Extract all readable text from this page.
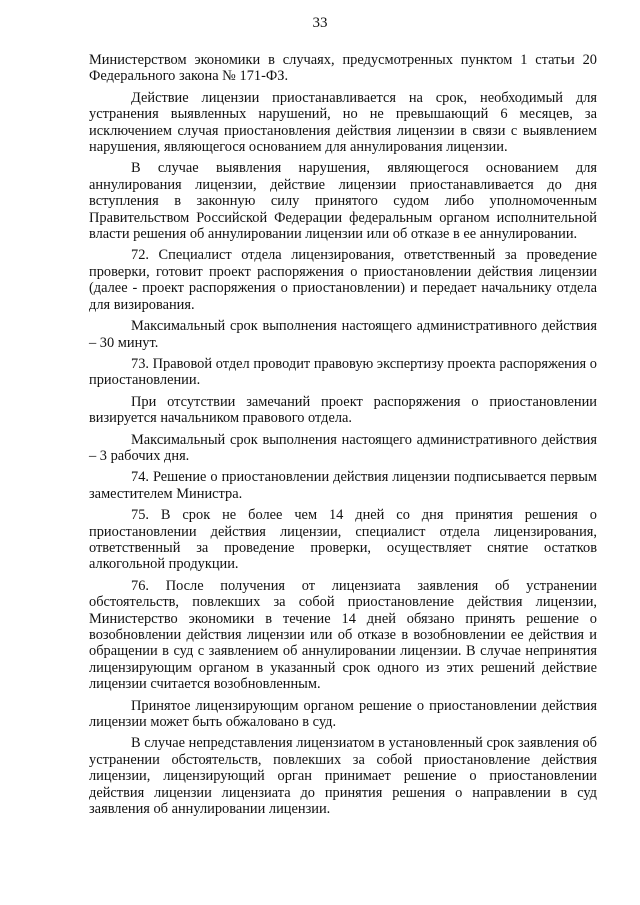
33

Министерством экономики в случаях, предусмотренных пунктом 1 статьи 20 Федерального закона № 171-ФЗ.

Действие лицензии приостанавливается на срок, необходимый для устранения выявленных нарушений, но не превышающий 6 месяцев, за исключением случая приостановления действия лицензии в связи с выявлением нарушения, являющегося основанием для аннулирования лицензии.

В случае выявления нарушения, являющегося основанием для аннулирования лицензии, действие лицензии приостанавливается до дня вступления в законную силу принятого судом либо уполномоченным Правительством Российской Федерации федеральным органом исполнительной власти решения об аннулировании лицензии или об отказе в ее аннулировании.

72. Специалист отдела лицензирования, ответственный за проведение проверки, готовит проект распоряжения о приостановлении действия лицензии (далее - проект распоряжения о приостановлении) и передает начальнику отдела для визирования.

Максимальный срок выполнения настоящего административного действия – 30 минут.

73. Правовой отдел проводит правовую экспертизу проекта распоряжения о приостановлении.

При отсутствии замечаний проект распоряжения о приостановлении визируется начальником правового отдела.

Максимальный срок выполнения настоящего административного действия – 3 рабочих дня.

74. Решение о приостановлении действия лицензии подписывается первым заместителем Министра.

75. В срок не более чем 14 дней со дня принятия решения о приостановлении действия лицензии, специалист отдела лицензирования, ответственный за проведение проверки, осуществляет снятие остатков алкогольной продукции.

76. После получения от лицензиата заявления об устранении обстоятельств, повлекших за собой приостановление действия лицензии, Министерство экономики в течение 14 дней обязано принять решение о возобновлении действия лицензии или об отказе в возобновлении ее действия и обращении в суд с заявлением об аннулировании лицензии. В случае непринятия лицензирующим органом в указанный срок одного из этих решений действие лицензии считается возобновленным.

Принятое лицензирующим органом решение о приостановлении действия лицензии может быть обжаловано в суд.

В случае непредставления лицензиатом в установленный срок заявления об устранении обстоятельств, повлекших за собой приостановление действия лицензии, лицензирующий орган принимает решение о приостановлении действия лицензии лицензиата до принятия решения о направлении в суд заявления об аннулировании лицензии.
